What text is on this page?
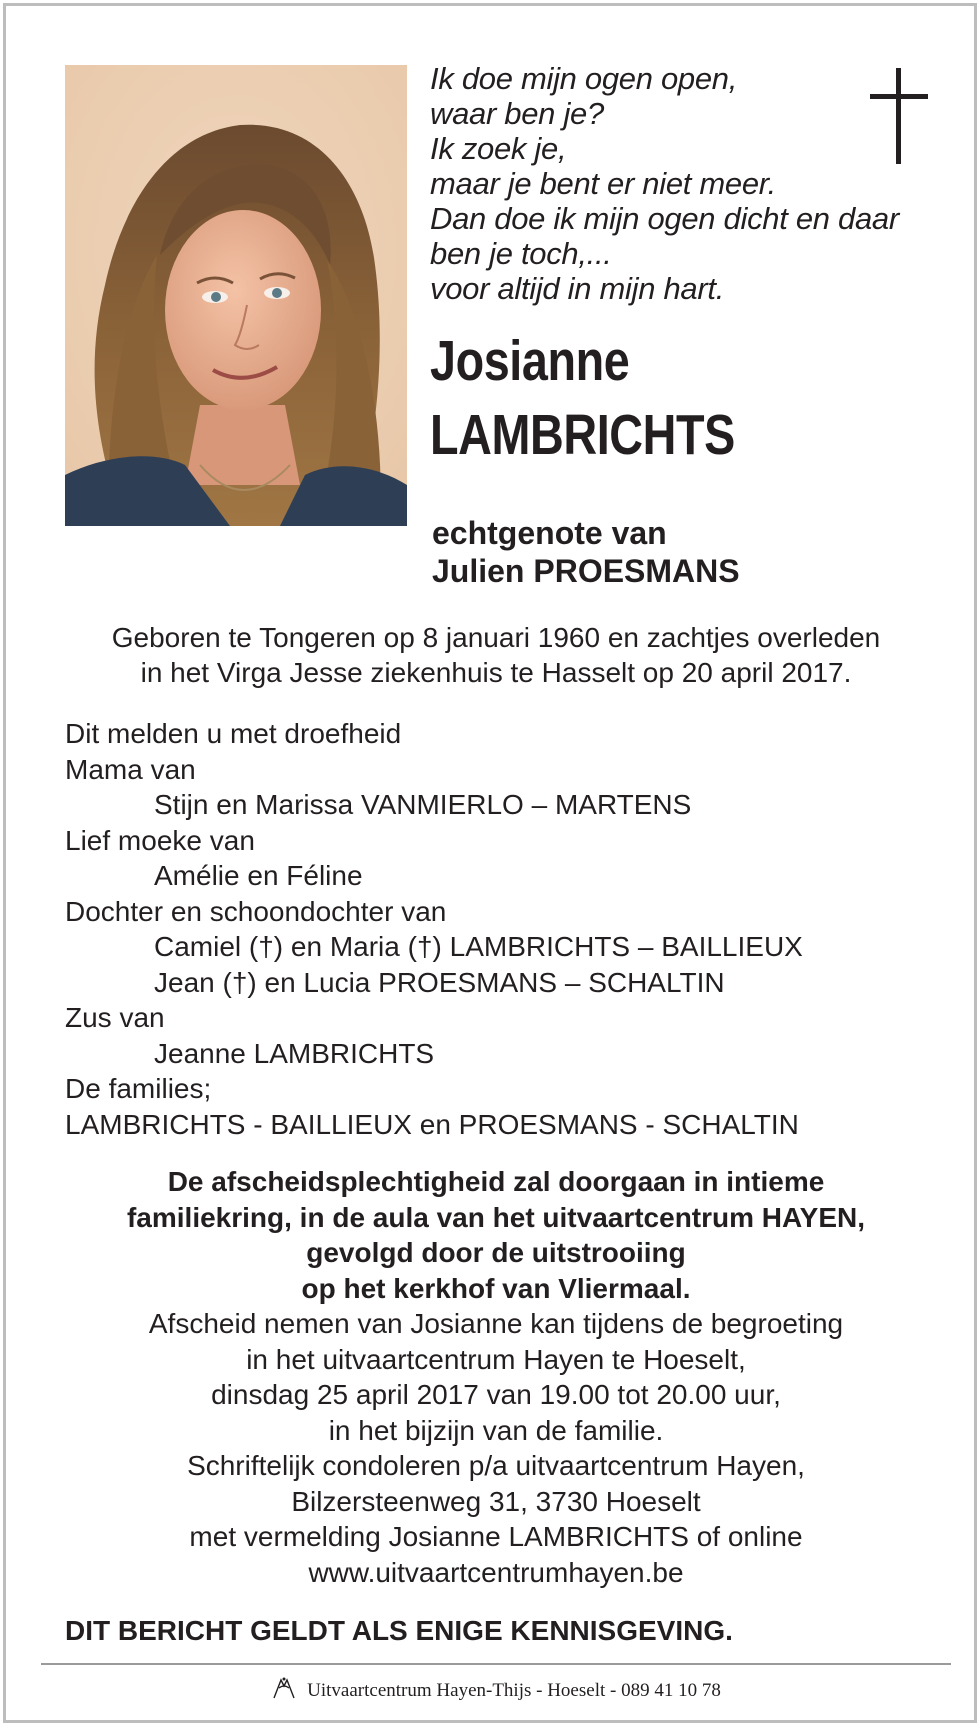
Ik doe mijn ogen open,
waar ben je?
Ik zoek je,
maar je bent er niet meer.
Dan doe ik mijn ogen dicht en daar
ben je toch,...
voor altijd in mijn hart.
Josianne
LAMBRICHTS
echtgenote van
Julien PROESMANS
Geboren te Tongeren op 8 januari 1960 en zachtjes overleden
in het Virga Jesse ziekenhuis te Hasselt op 20 april 2017.
Dit melden u met droefheid
Mama van
Stijn en Marissa VANMIERLO – MARTENS
Lief moeke van
Amélie en Féline
Dochter en schoondochter van
Camiel (†) en Maria (†) LAMBRICHTS – BAILLIEUX
Jean (†) en Lucia PROESMANS – SCHALTIN
Zus van
Jeanne LAMBRICHTS
De families;
LAMBRICHTS - BAILLIEUX en PROESMANS - SCHALTIN
De afscheidsplechtigheid zal doorgaan in intieme
familiekring, in de aula van het uitvaartcentrum HAYEN,
gevolgd door de uitstrooiing
op het kerkhof van Vliermaal.
Afscheid nemen van Josianne kan tijdens de begroeting
in het uitvaartcentrum Hayen te Hoeselt,
dinsdag 25 april 2017 van 19.00 tot 20.00 uur,
in het bijzijn van de familie.
Schriftelijk condoleren p/a uitvaartcentrum Hayen,
Bilzersteenweg 31, 3730 Hoeselt
met vermelding Josianne LAMBRICHTS of online
www.uitvaartcentrumhayen.be
DIT BERICHT GELDT ALS ENIGE KENNISGEVING.
Uitvaartcentrum Hayen-Thijs - Hoeselt - 089 41 10 78
